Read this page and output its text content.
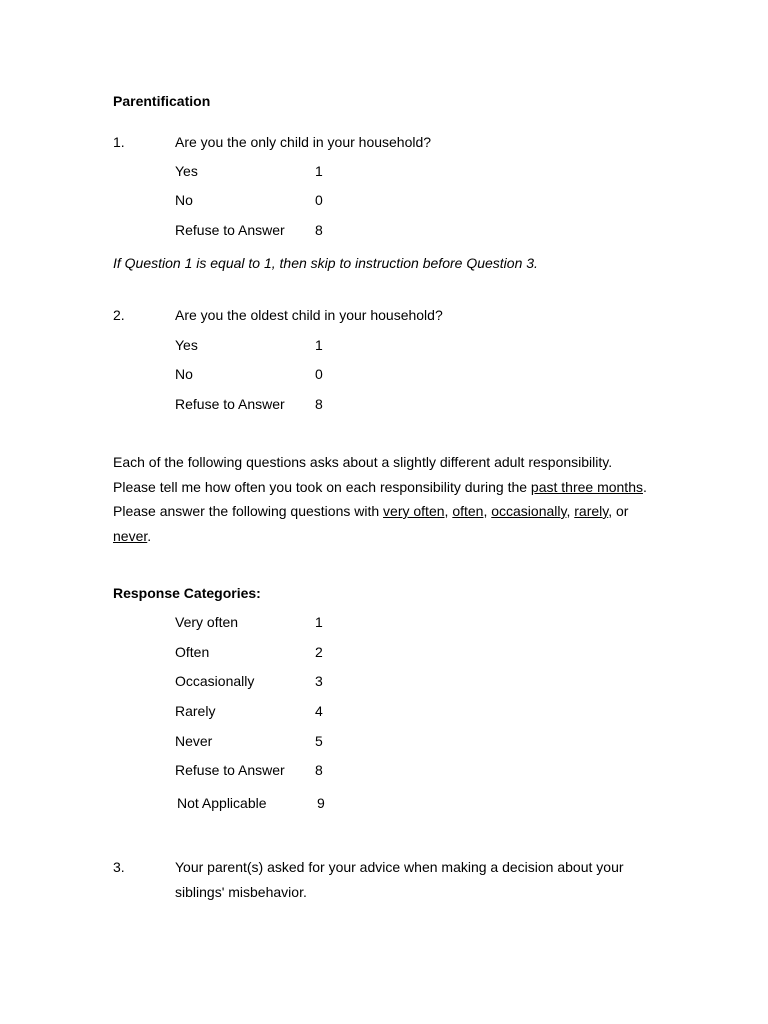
Parentification
1.	Are you the only child in your household?
Yes	1
No	0
Refuse to Answer 8
If Question 1 is equal to 1, then skip to instruction before Question 3.
2.	Are you the oldest child in your household?
Yes	1
No	0
Refuse to Answer 8
Each of the following questions asks about a slightly different adult responsibility.
Please tell me how often you took on each responsibility during the past three months.
Please answer the following questions with very often, often, occasionally, rarely, or
never.
Response Categories:
Very often	1
Often	2
Occasionally	3
Rarely	4
Never	5
Refuse to Answer 8
Not Applicable	9
3.	Your parent(s) asked for your advice when making a decision about your
siblings' misbehavior.
